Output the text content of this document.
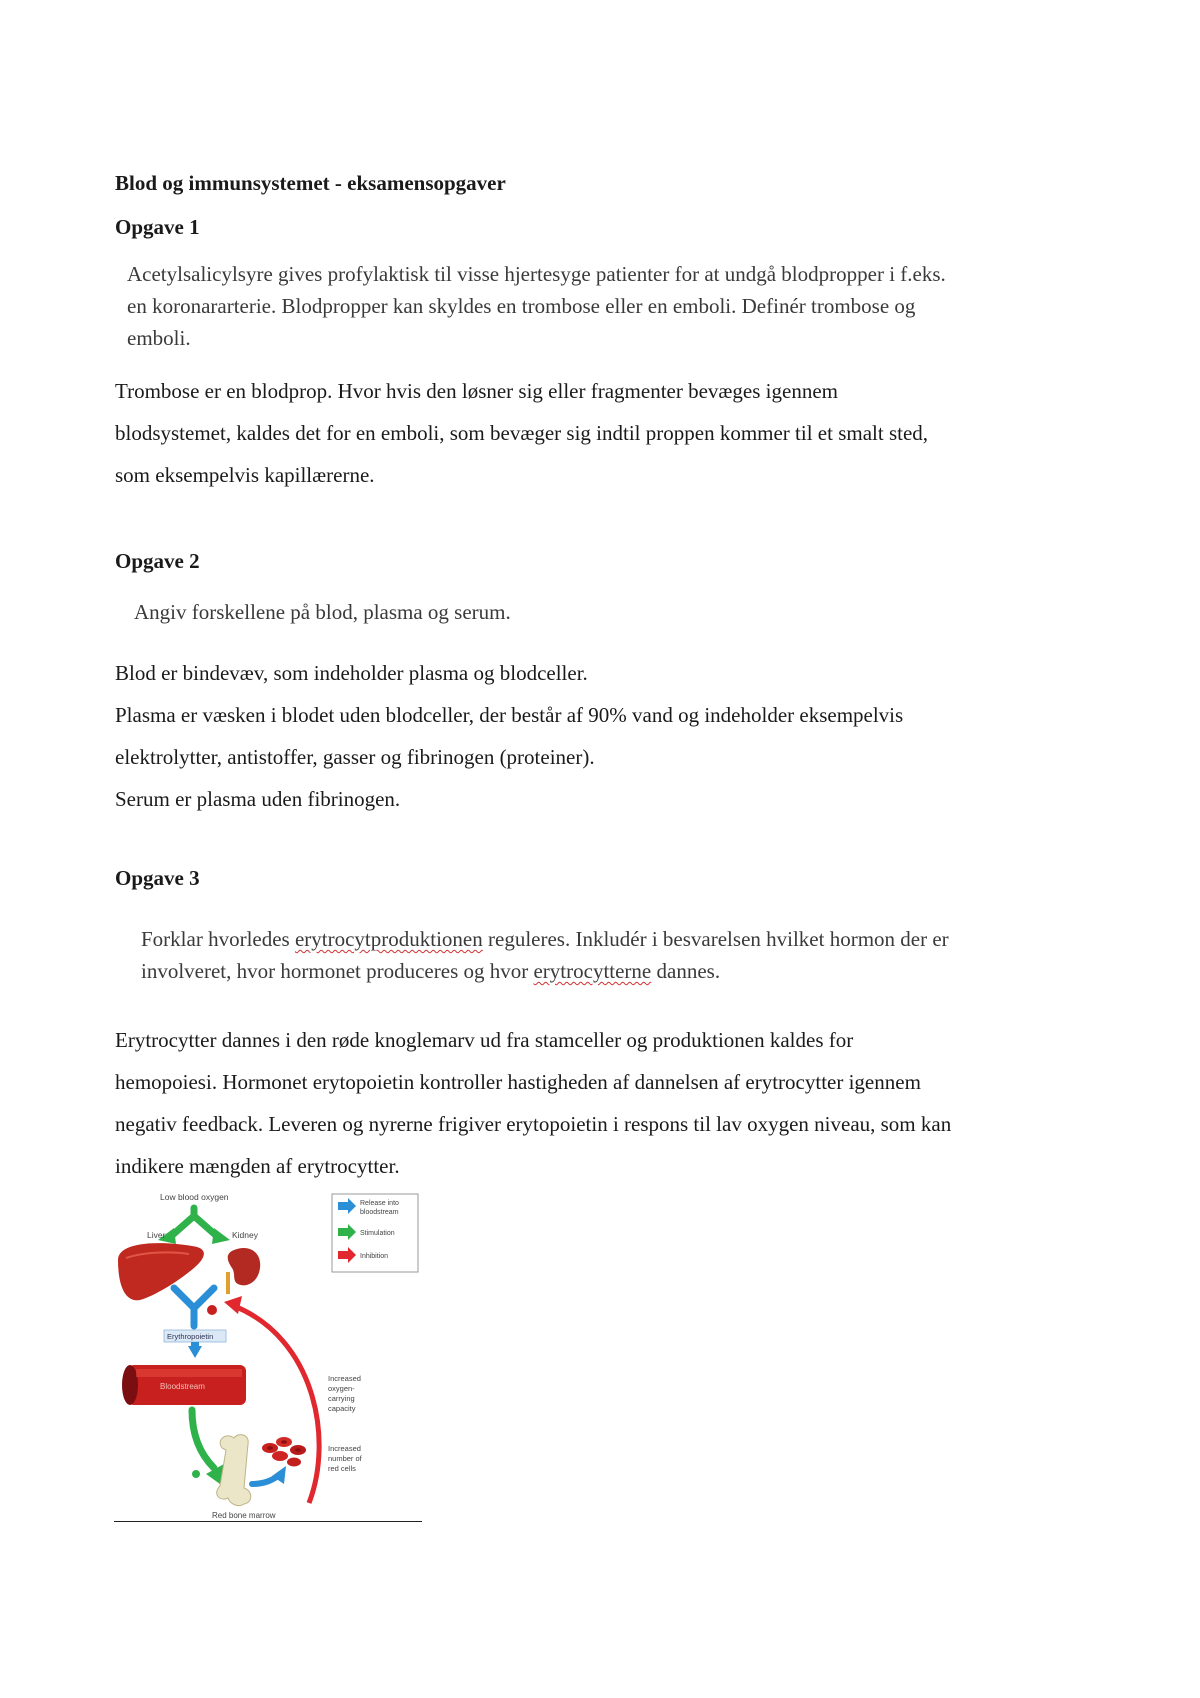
Blod og immunsystemet - eksamensopgaver
Opgave 1
Acetylsalicylsyre gives profylaktisk til visse hjertesyge patienter for at undgå blodpropper i f.eks.
en koronararterie. Blodpropper kan skyldes en trombose eller en emboli. Definér trombose og
emboli.

Trombose er en blodprop. Hvor hvis den løsner sig eller fragmenter bevæges igennem

blodsystemet, kaldes det for en emboli, som bevæger sig indtil proppen kommer til et smalt sted,

som eksempelvis kapillærerne.

Opgave 2
Angiv forskellene på blod, plasma og serum.

Blod er bindevæv, som indeholder plasma og blodceller.

Plasma er væsken i blodet uden blodceller, der består af 90% vand og indeholder eksempelvis

elektrolytter, antistoffer, gasser og fibrinogen (proteiner).

Serum er plasma uden fibrinogen.

Opgave 3
Forklar hvorledes erytrocytproduktionen reguleres. Inkludér i besvarelsen hvilket hormon der er
involveret, hvor hormonet produceres og hvor erytrocytterne dannes.

Erytrocytter dannes i den røde knoglemarv ud fra stamceller og produktionen kaldes for

hemopoiesi. Hormonet erytopoietin kontroller hastigheden af dannelsen af erytrocytter igennem

negativ feedback. Leveren og nyrerne frigiver erytopoietin i respons til lav oxygen niveau, som kan

indikere mængden af erytrocytter.

Low blood oxygen
Liver	Kidney
Erythropoietin
Bloodstream
Increased oxygen- carrying capacity
Increased number of red cells
Red bone marrow
Release into bloodstream
Stimulation
Inhibition
